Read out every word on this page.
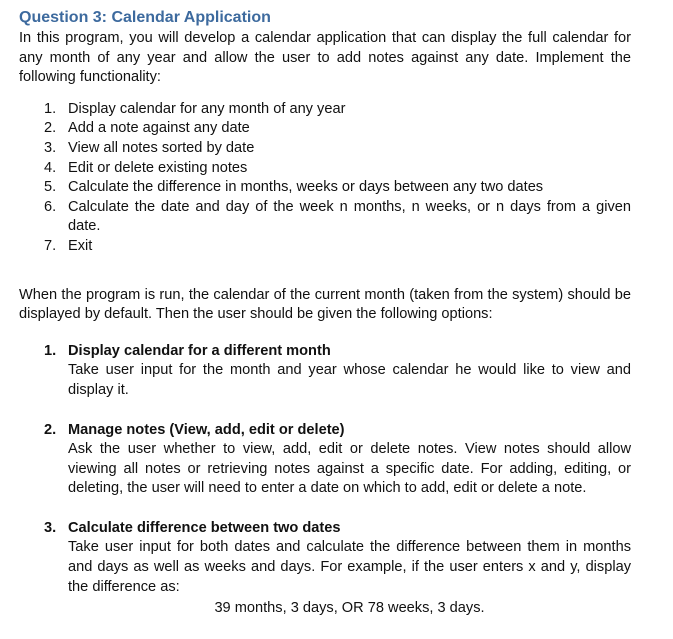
Question 3: Calendar Application

In this program, you will develop a calendar application that can display the full calendar for any month of any year and allow the user to add notes against any date. Implement the following functionality:

1. Display calendar for any month of any year
2. Add a note against any date
3. View all notes sorted by date
4. Edit or delete existing notes
5. Calculate the difference in months, weeks or days between any two dates
6. Calculate the date and day of the week n months, n weeks, or n days from a given date.
7. Exit

When the program is run, the calendar of the current month (taken from the system) should be displayed by default. Then the user should be given the following options:

1. Display calendar for a different month
Take user input for the month and year whose calendar he would like to view and display it.
2. Manage notes (View, add, edit or delete)
Ask the user whether to view, add, edit or delete notes. View notes should allow viewing all notes or retrieving notes against a specific date. For adding, editing, or deleting, the user will need to enter a date on which to add, edit or delete a note.
3. Calculate difference between two dates
Take user input for both dates and calculate the difference between them in months and days as well as weeks and days. For example, if the user enters x and y, display the difference as:
39 months, 3 days, OR 78 weeks, 3 days.
